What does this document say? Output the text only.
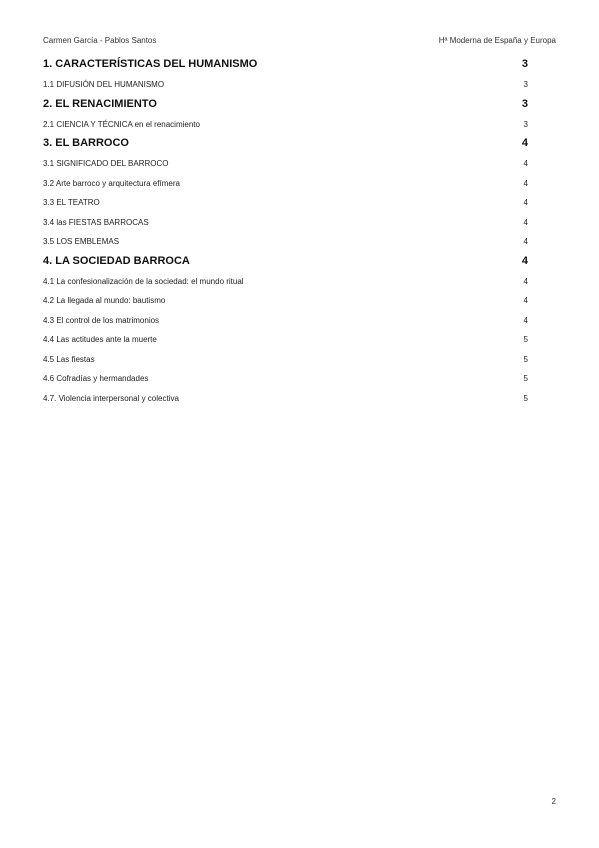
Carmen García - Pablos Santos	Hª Moderna de España y Europa
1. CARACTERÍSTICAS DEL HUMANISMO	3
1.1 DIFUSIÓN DEL HUMANISMO	3
2. EL RENACIMIENTO	3
2.1 CIENCIA Y TÉCNICA en el renacimiento	3
3. EL BARROCO	4
3.1 SIGNIFICADO DEL BARROCO	4
3.2 Arte barroco y arquitectura efímera	4
3.3 EL TEATRO	4
3.4 las FIESTAS BARROCAS	4
3.5 LOS EMBLEMAS	4
4. LA SOCIEDAD BARROCA	4
4.1 La confesionalización de la sociedad: el mundo ritual	4
4.2 La llegada al mundo: bautismo	4
4.3 El control de los matrimonios	4
4.4 Las actitudes ante la muerte	5
4.5 Las fiestas	5
4.6 Cofradías y hermandades	5
4.7. Violencia interpersonal y colectiva	5
2
